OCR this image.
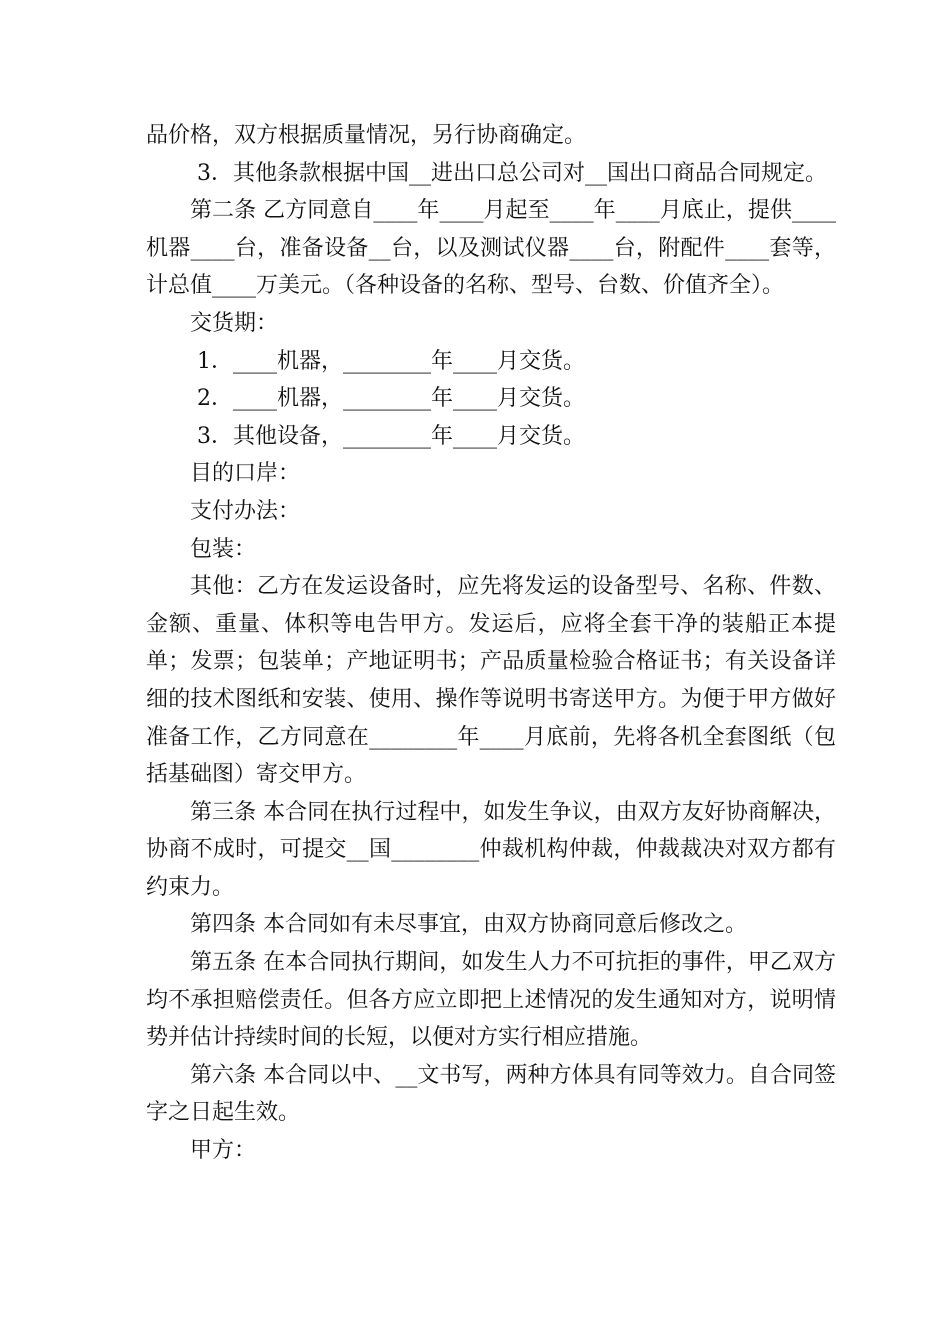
品价格，双方根据质量情况，另行协商确定。

3．其他条款根据中国__进出口总公司对__国出口商品合同规定。

第二条 乙方同意自____年____月起至____年____月底止，提供____机器____台，准备设备__台，以及测试仪器____台，附配件____套等，计总值____万美元。（各种设备的名称、型号、台数、价值齐全）。

交货期：

1．____机器，________年____月交货。

2．____机器，________年____月交货。

3．其他设备，________年____月交货。

目的口岸：

支付办法：

包装：

其他：乙方在发运设备时，应先将发运的设备型号、名称、件数、金额、重量、体积等电告甲方。发运后，应将全套干净的装船正本提单；发票；包装单；产地证明书；产品质量检验合格证书；有关设备详细的技术图纸和安装、使用、操作等说明书寄送甲方。为便于甲方做好准备工作，乙方同意在________年____月底前，先将各机全套图纸（包括基础图）寄交甲方。

第三条 本合同在执行过程中，如发生争议，由双方友好协商解决，协商不成时，可提交__国________仲裁机构仲裁，仲裁裁决对双方都有约束力。

第四条 本合同如有未尽事宜，由双方协商同意后修改之。

第五条 在本合同执行期间，如发生人力不可抗拒的事件，甲乙双方均不承担赔偿责任。但各方应立即把上述情况的发生通知对方，说明情势并估计持续时间的长短，以便对方实行相应措施。

第六条 本合同以中、__文书写，两种方体具有同等效力。自合同签字之日起生效。

甲方：
